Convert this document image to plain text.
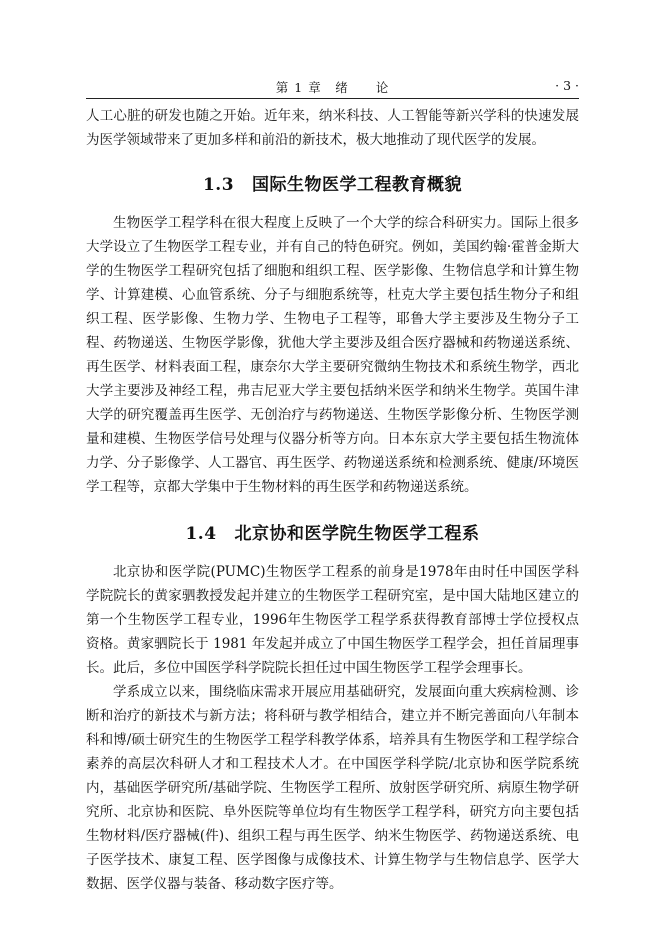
第 1 章　绪　　论	· 3 ·

人工心脏的研发也随之开始。近年来，纳米科技、人工智能等新兴学科的快速发展为医学领域带来了更加多样和前沿的新技术，极大地推动了现代医学的发展。

1.3 国际生物医学工程教育概貌

生物医学工程学科在很大程度上反映了一个大学的综合科研实力。国际上很多大学设立了生物医学工程专业，并有自己的特色研究。例如，美国约翰·霍普金斯大学的生物医学工程研究包括了细胞和组织工程、医学影像、生物信息学和计算生物学、计算建模、心血管系统、分子与细胞系统等，杜克大学主要包括生物分子和组织工程、医学影像、生物力学、生物电子工程等，耶鲁大学主要涉及生物分子工程、药物递送、生物医学影像，犹他大学主要涉及组合医疗器械和药物递送系统、再生医学、材料表面工程，康奈尔大学主要研究微纳生物技术和系统生物学，西北大学主要涉及神经工程，弗吉尼亚大学主要包括纳米医学和纳米生物学。英国牛津大学的研究覆盖再生医学、无创治疗与药物递送、生物医学影像分析、生物医学测量和建模、生物医学信号处理与仪器分析等方向。日本东京大学主要包括生物流体力学、分子影像学、人工器官、再生医学、药物递送系统和检测系统、健康/环境医学工程等，京都大学集中于生物材料的再生医学和药物递送系统。

1.4 北京协和医学院生物医学工程系

北京协和医学院(PUMC)生物医学工程系的前身是1978年由时任中国医学科学院院长的黄家驷教授发起并建立的生物医学工程研究室，是中国大陆地区建立的第一个生物医学工程专业，1996年生物医学工程学系获得教育部博士学位授权点资格。黄家驷院长于 1981 年发起并成立了中国生物医学工程学会，担任首届理事长。此后，多位中国医学科学院院长担任过中国生物医学工程学会理事长。

学系成立以来，围绕临床需求开展应用基础研究，发展面向重大疾病检测、诊断和治疗的新技术与新方法；将科研与教学相结合，建立并不断完善面向八年制本科和博/硕士研究生的生物医学工程学科教学体系，培养具有生物医学和工程学综合素养的高层次科研人才和工程技术人才。在中国医学科学院/北京协和医学院系统内，基础医学研究所/基础学院、生物医学工程所、放射医学研究所、病原生物学研究所、北京协和医院、阜外医院等单位均有生物医学工程学科，研究方向主要包括生物材料/医疗器械(件)、组织工程与再生医学、纳米生物医学、药物递送系统、电子医学技术、康复工程、医学图像与成像技术、计算生物学与生物信息学、医学大数据、医学仪器与装备、移动数字医疗等。
